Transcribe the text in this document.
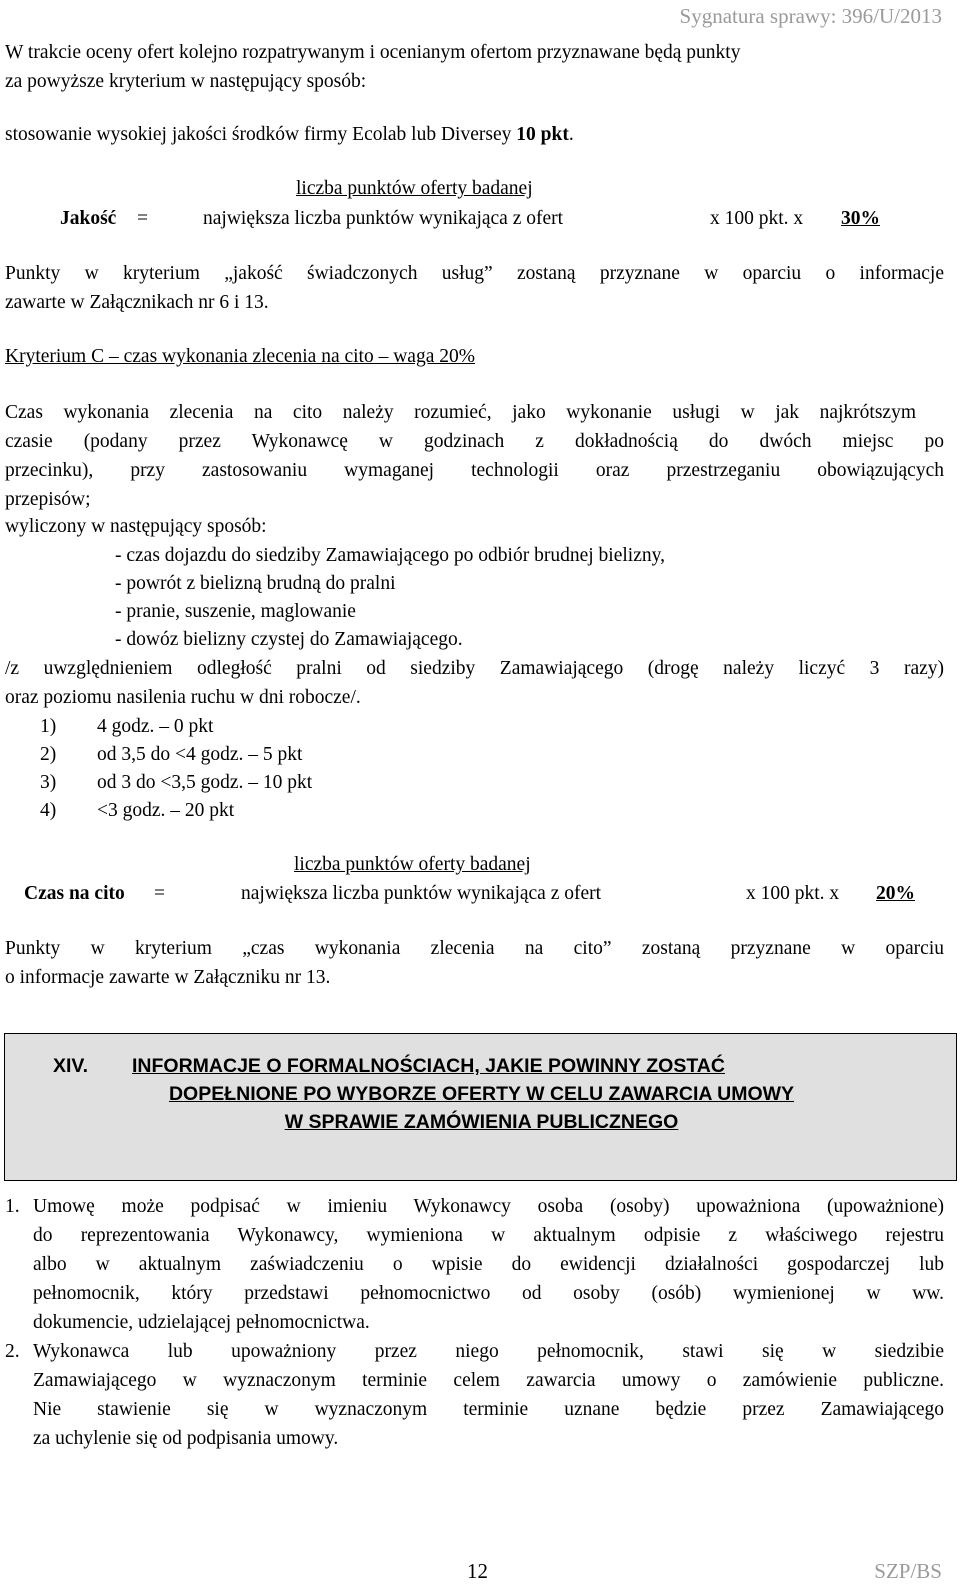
Sygnatura sprawy: 396/U/2013
W trakcie oceny ofert kolejno rozpatrywanym i ocenianym ofertom przyznawane będą punkty
za powyższe kryterium w następujący sposób:
stosowanie wysokiej jakości środków firmy Ecolab lub Diversey 10 pkt.
liczba punktów oferty badanej
Jakość =	największa liczba punktów wynikająca z ofert	x 100 pkt. x 30%
Punkty w kryterium „jakość świadczonych usług” zostaną przyznane w oparciu o informacje
zawarte w Załącznikach nr 6 i 13.
Kryterium C – czas wykonania zlecenia na cito – waga 20%
Czas wykonania zlecenia na cito należy rozumieć, jako wykonanie usługi w jak najkrótszym
czasie (podany przez Wykonawcę w godzinach z dokładnością do dwóch miejsc po
przecinku), przy zastosowaniu wymaganej technologii oraz przestrzeganiu obowiązujących
przepisów;
wyliczony w następujący sposób:
- czas dojazdu do siedziby Zamawiającego po odbiór brudnej bielizny,
- powrót z bielizną brudną do pralni
- pranie, suszenie, maglowanie
- dowóz bielizny czystej do Zamawiającego.
/z uwzględnieniem odległość pralni od siedziby Zamawiającego (drogę należy liczyć 3 razy)
oraz poziomu nasilenia ruchu w dni robocze/.
1) 4 godz. – 0 pkt
2) od 3,5 do <4 godz. – 5 pkt
3) od 3 do <3,5 godz. – 10 pkt
4) <3 godz. – 20 pkt
liczba punktów oferty badanej
Czas na cito =	największa liczba punktów wynikająca z ofert	x 100 pkt. x 20%
Punkty w kryterium „czas wykonania zlecenia na cito” zostaną przyznane w oparciu
o informacje zawarte w Załączniku nr 13.
XIV. INFORMACJE O FORMALNOŚCIACH, JAKIE POWINNY ZOSTAĆ
DOPEŁNIONE PO WYBORZE OFERTY W CELU ZAWARCIA UMOWY
W SPRAWIE ZAMÓWIENIA PUBLICZNEGO
1. Umowę może podpisać w imieniu Wykonawcy osoba (osoby) upoważniona (upoważnione)
do reprezentowania Wykonawcy, wymieniona w aktualnym odpisie z właściwego rejestru
albo w aktualnym zaświadczeniu o wpisie do ewidencji działalności gospodarczej lub
pełnomocnik, który przedstawi pełnomocnictwo od osoby (osób) wymienionej w ww.
dokumencie, udzielającej pełnomocnictwa.
2. Wykonawca lub upoważniony przez niego pełnomocnik, stawi się w siedzibie
Zamawiającego w wyznaczonym terminie celem zawarcia umowy o zamówienie publiczne.
Nie stawienie się w wyznaczonym terminie uznane będzie przez Zamawiającego
za uchylenie się od podpisania umowy.
12	SZP/BS
